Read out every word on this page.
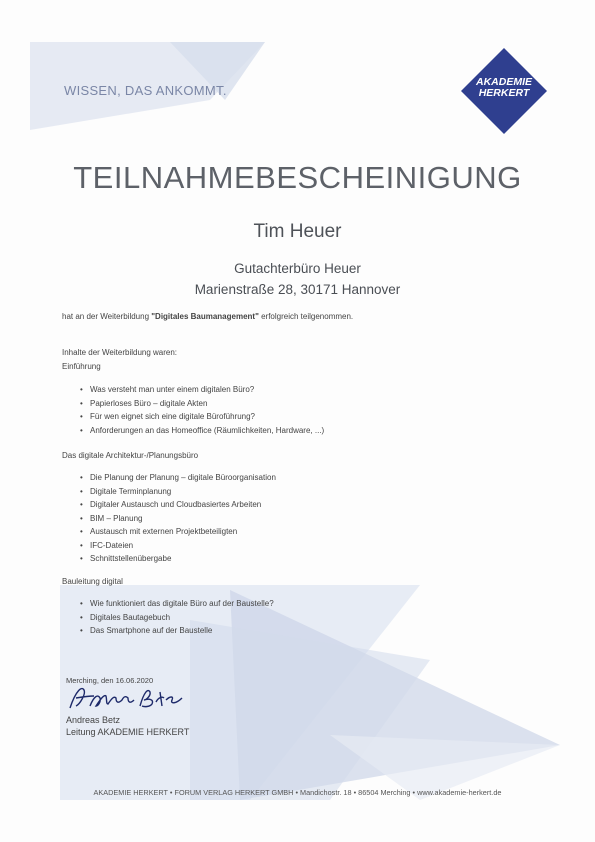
WISSEN, DAS ANKOMMT.
AKADEMIE
HERKERT
TEILNAHMEBESCHEINIGUNG
Tim Heuer
Gutachterbüro Heuer
Marienstraße 28, 30171 Hannover
hat an der Weiterbildung "Digitales Baumanagement" erfolgreich teilgenommen.
Inhalte der Weiterbildung waren:
Einführung
• Was versteht man unter einem digitalen Büro?
• Papierloses Büro – digitale Akten
• Für wen eignet sich eine digitale Büroführung?
• Anforderungen an das Homeoffice (Räumlichkeiten, Hardware, ...)
Das digitale Architektur-/Planungsbüro
• Die Planung der Planung – digitale Büroorganisation
• Digitale Terminplanung
• Digitaler Austausch und Cloudbasiertes Arbeiten
• BIM – Planung
• Austausch mit externen Projektbeteiligten
• IFC-Dateien
• Schnittstellenübergabe
Bauleitung digital
• Wie funktioniert das digitale Büro auf der Baustelle?
• Digitales Bautagebuch
• Das Smartphone auf der Baustelle
Merching, den 16.06.2020
Andreas Betz
Leitung AKADEMIE HERKERT
AKADEMIE HERKERT • FORUM VERLAG HERKERT GMBH • Mandichostr. 18 • 86504 Merching • www.akademie-herkert.de
